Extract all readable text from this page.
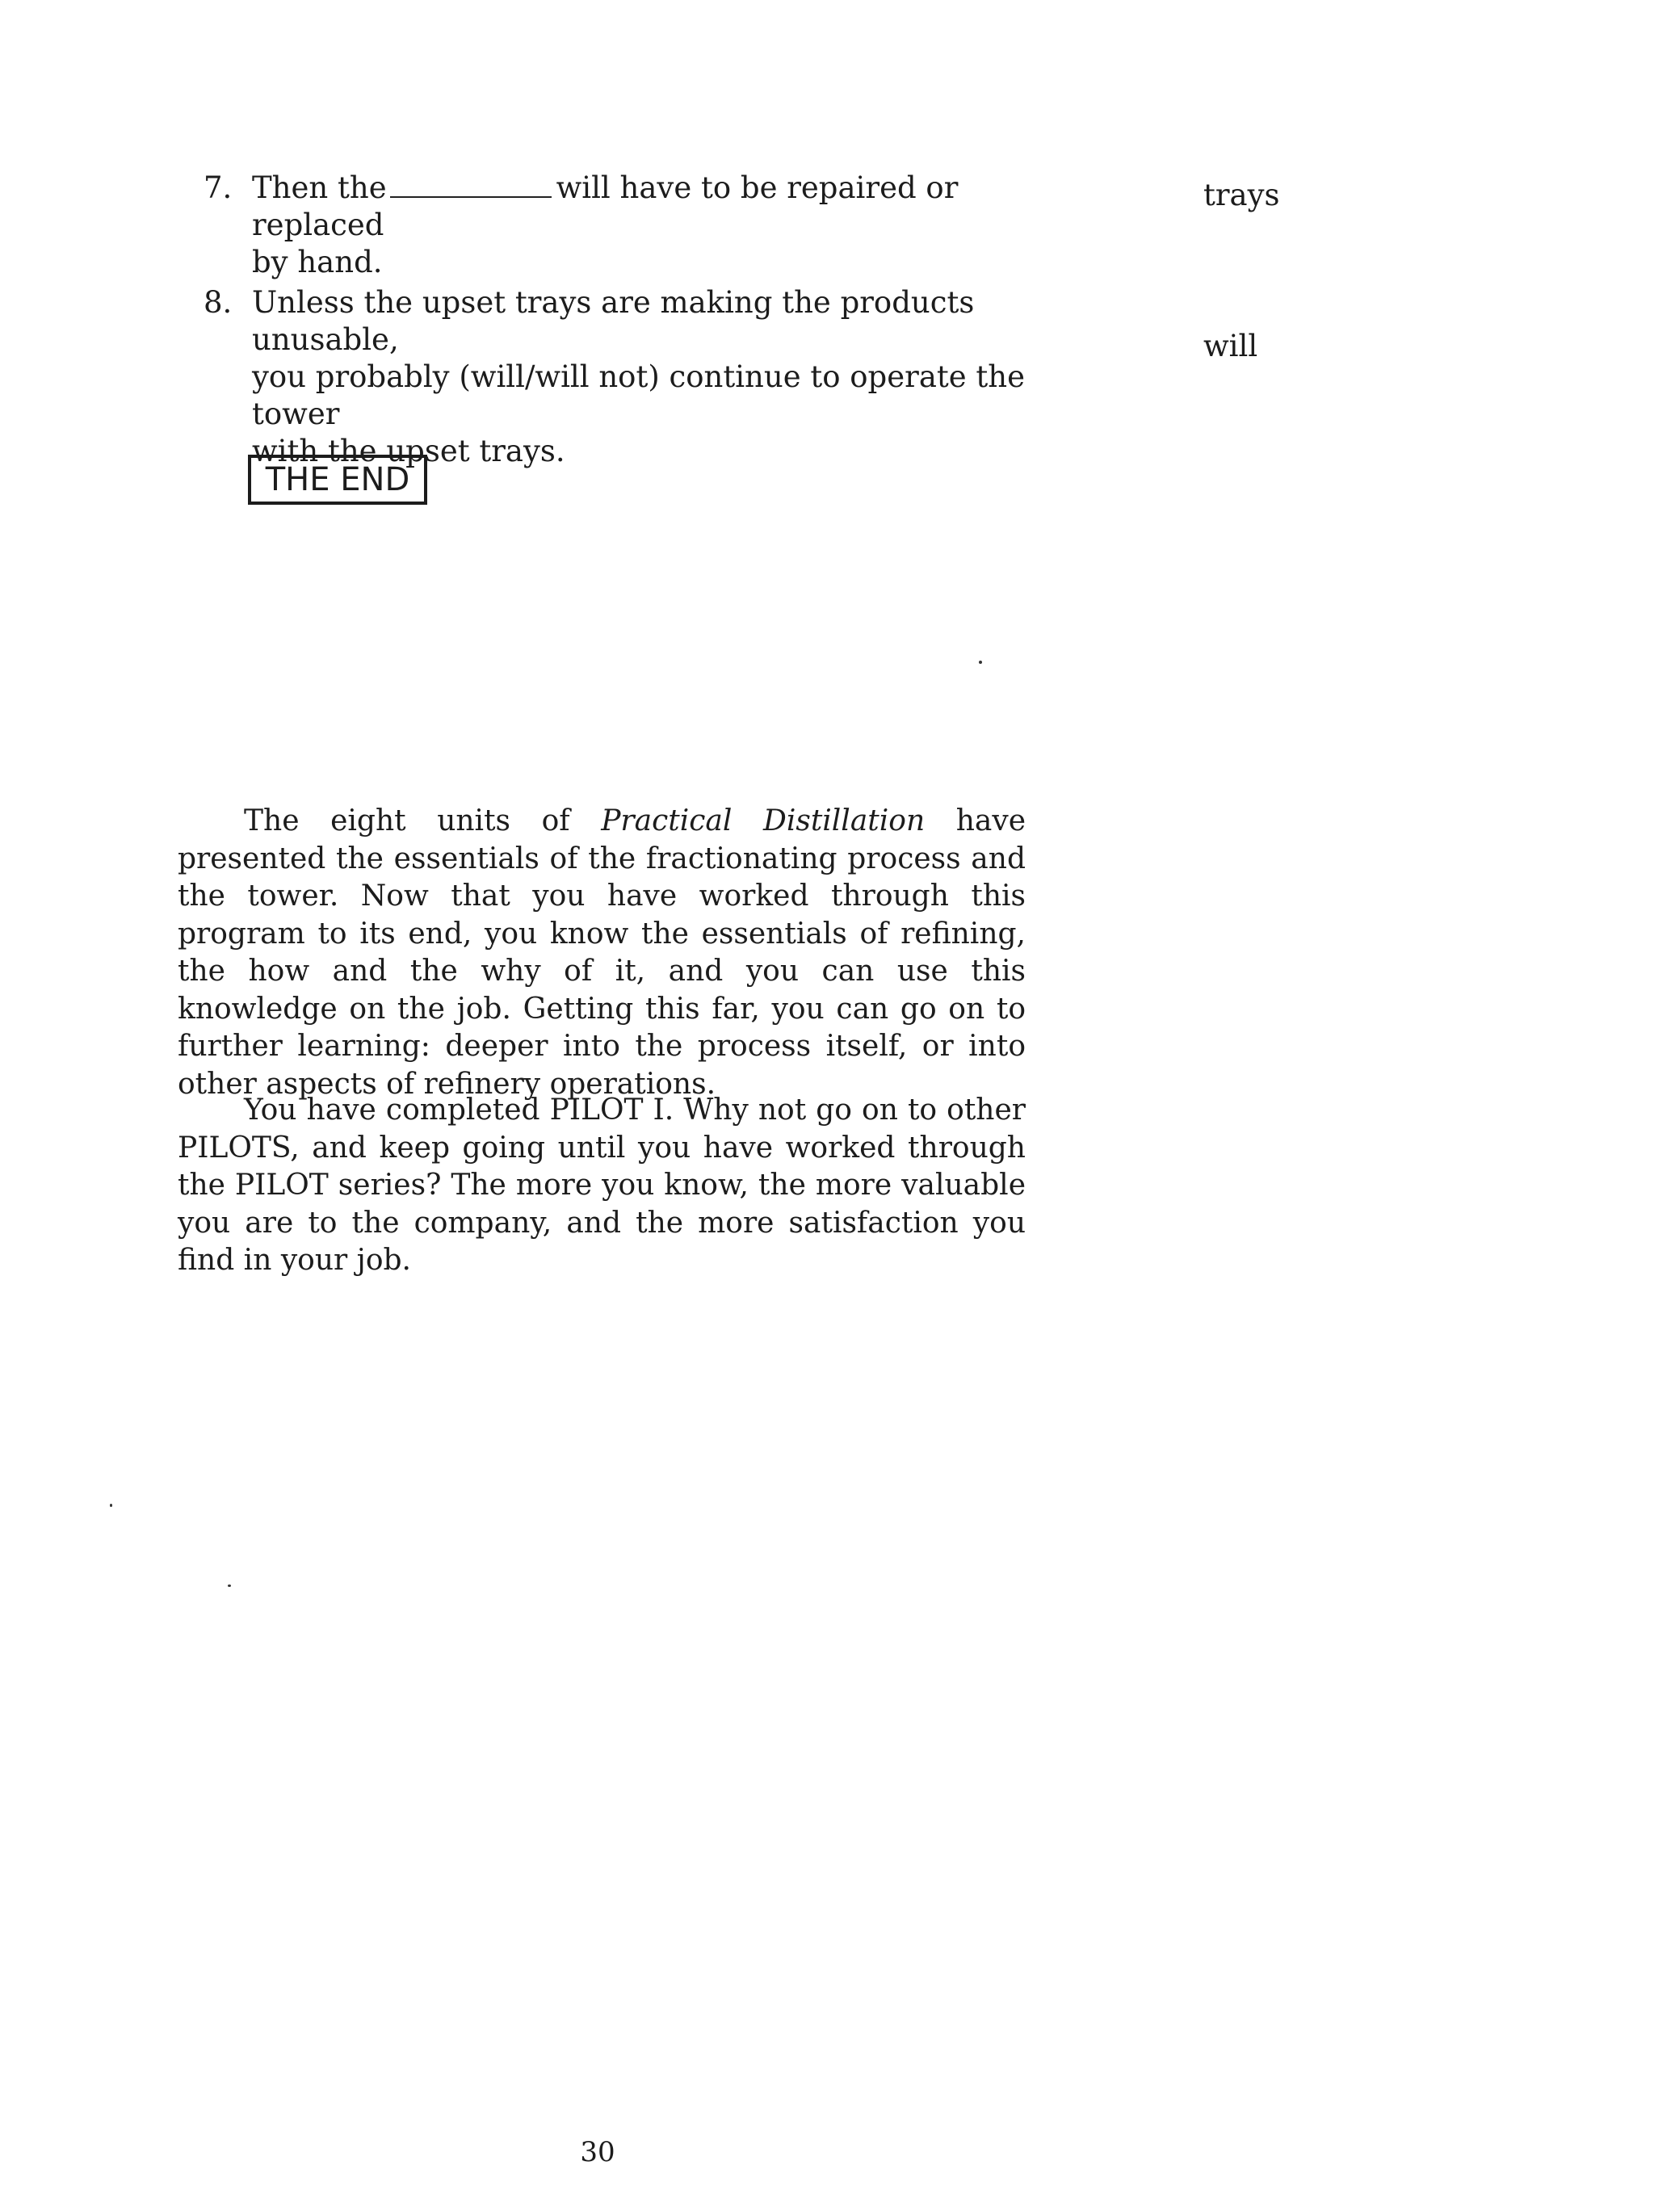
7. Then the	will have to be repaired or replaced
by hand.
trays
8. Unless the upset trays are making the products unusable,
you probably (will/will not) continue to operate the tower
with the upset trays.
will
THE END

The eight units of Practical Distillation have presented the essentials of the fractionating process and the tower. Now that you have worked through this program to its end, you know the essentials of refining, the how and the why of it, and you can use this knowledge on the job. Getting this far, you can go on to further learning: deeper into the process itself, or into other aspects of refinery operations.

You have completed PILOT I. Why not go on to other PILOTS, and keep going until you have worked through the PILOT series? The more you know, the more valuable you are to the company, and the more satisfaction you find in your job.

30
